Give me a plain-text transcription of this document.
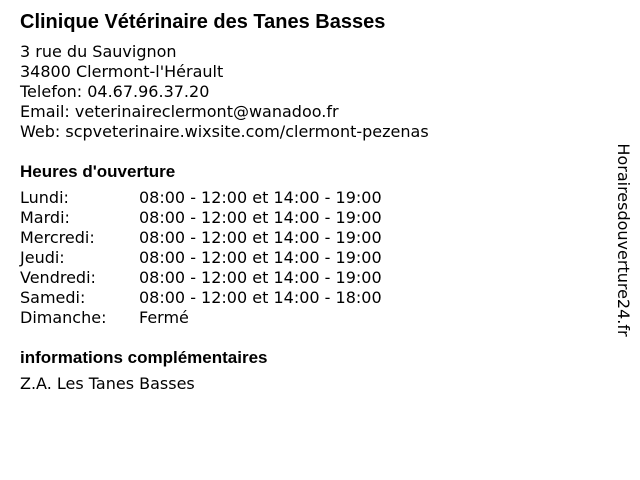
Clinique Vétérinaire des Tanes Basses
3 rue du Sauvignon
34800 Clermont-l'Hérault
Telefon: 04.67.96.37.20
Email: veterinaireclermont@wanadoo.fr
Web: scpveterinaire.wixsite.com/clermont-pezenas
Heures d'ouverture
Lundi:	08:00 - 12:00 et 14:00 - 19:00
Mardi:	08:00 - 12:00 et 14:00 - 19:00
Mercredi:	08:00 - 12:00 et 14:00 - 19:00
Jeudi:	08:00 - 12:00 et 14:00 - 19:00
Vendredi:	08:00 - 12:00 et 14:00 - 19:00
Samedi:	08:00 - 12:00 et 14:00 - 18:00
Dimanche:	Fermé
informations complémentaires
Z.A. Les Tanes Basses
Horairesdouverture24.fr
